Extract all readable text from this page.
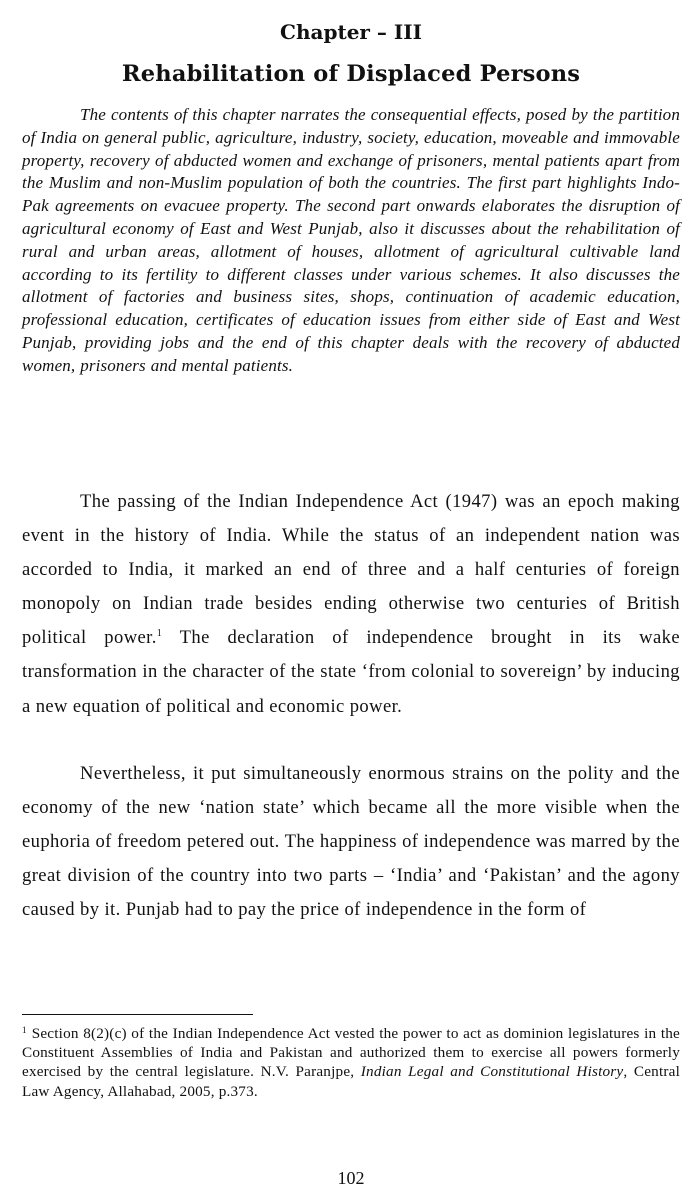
Chapter – III
Rehabilitation of Displaced Persons

The contents of this chapter narrates the consequential effects, posed by the partition of India on general public, agriculture, industry, society, education, moveable and immovable property, recovery of abducted women and exchange of prisoners, mental patients apart from the Muslim and non-Muslim population of both the countries. The first part highlights Indo-Pak agreements on evacuee property. The second part onwards elaborates the disruption of agricultural economy of East and West Punjab, also it discusses about the rehabilitation of rural and urban areas, allotment of houses, allotment of agricultural cultivable land according to its fertility to different classes under various schemes. It also discusses the allotment of factories and business sites, shops, continuation of academic education, professional education, certificates of education issues from either side of East and West Punjab, providing jobs and the end of this chapter deals with the recovery of abducted women, prisoners and mental patients.

The passing of the Indian Independence Act (1947) was an epoch making event in the history of India. While the status of an independent nation was accorded to India, it marked an end of three and a half centuries of foreign monopoly on Indian trade besides ending otherwise two centuries of British political power.$^1$ The declaration of independence brought in its wake transformation in the character of the state ‘from colonial to sovereign’ by inducing a new equation of political and economic power.

Nevertheless, it put simultaneously enormous strains on the polity and the economy of the new ‘nation state’ which became all the more visible when the euphoria of freedom petered out. The happiness of independence was marred by the great division of the country into two parts – ‘India’ and ‘Pakistan’ and the agony caused by it. Punjab had to pay the price of independence in the form of

$^1$ Section 8(2)(c) of the Indian Independence Act vested the power to act as dominion legislatures in the Constituent Assemblies of India and Pakistan and authorized them to exercise all powers formerly exercised by the central legislature. N.V. Paranjpe, Indian Legal and Constitutional History, Central Law Agency, Allahabad, 2005, p.373.

102
